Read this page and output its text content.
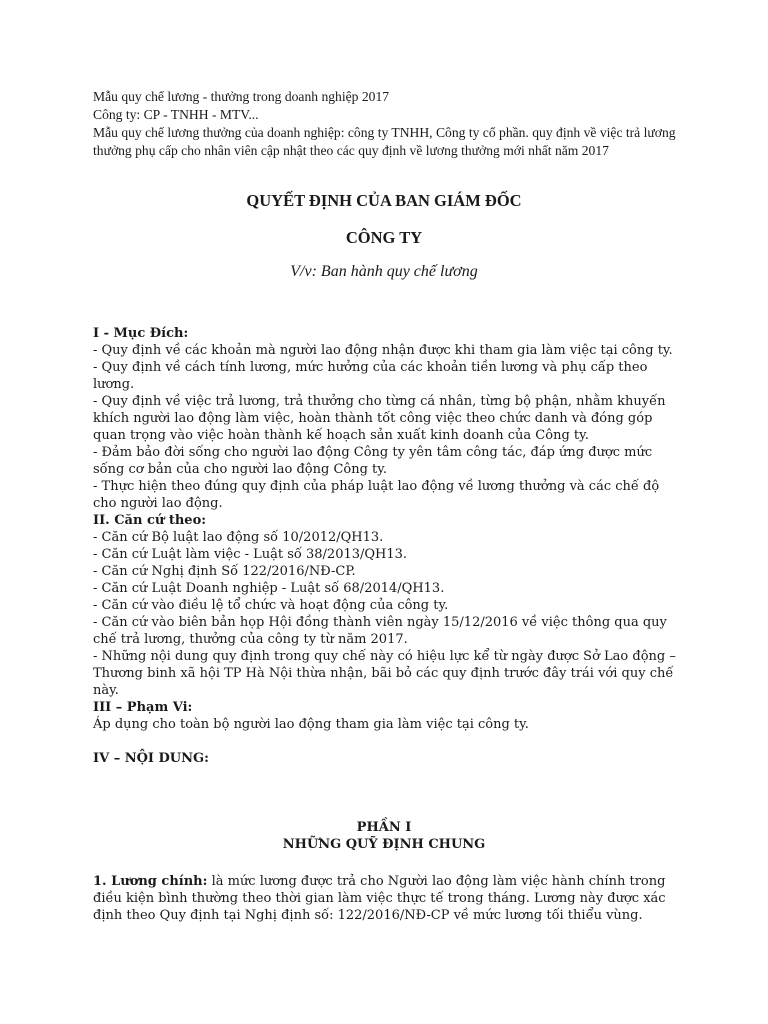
Mẫu quy chế lương - thưởng trong doanh nghiệp 2017

Công ty: CP - TNHH - MTV...

Mẫu quy chế lương thưởng của doanh nghiệp: công ty TNHH, Công ty cổ phần. quy định về việc trả lương thưởng phụ cấp cho nhân viên cập nhật theo các quy định về lương thưởng mới nhất năm 2017

QUYẾT ĐỊNH CỦA BAN GIÁM ĐỐC
CÔNG TY
V/v: Ban hành quy chế lương

I - Mục Đích:

- Quy định về các khoản mà người lao động nhận được khi tham gia làm việc tại công ty.

- Quy định về cách tính lương, mức hưởng của các khoản tiền lương và phụ cấp theo lương.

- Quy định về việc trả lương, trả thưởng cho từng cá nhân, từng bộ phận, nhằm khuyến khích người lao động làm việc, hoàn thành tốt công việc theo chức danh và đóng góp quan trọng vào việc hoàn thành kế hoạch sản xuất kinh doanh của Công ty.

- Đảm bảo đời sống cho người lao động Công ty yên tâm công tác, đáp ứng được mức sống cơ bản của cho người lao động Công ty.

- Thực hiện theo đúng quy định của pháp luật lao động về lương thưởng và các chế độ cho người lao động.

II. Căn cứ theo:

- Căn cứ Bộ luật lao động số 10/2012/QH13.

- Căn cứ Luật làm việc - Luật số 38/2013/QH13.

- Căn cứ Nghị định Số 122/2016/NĐ-CP.

- Căn cứ Luật Doanh nghiệp - Luật số 68/2014/QH13.

- Căn cứ vào điều lệ tổ chức và hoạt động của công ty.

- Căn cứ vào biên bản họp Hội đồng thành viên ngày 15/12/2016 về việc thông qua quy chế trả lương, thưởng của công ty từ năm 2017.

- Những nội dung quy định trong quy chế này có hiệu lực kể từ ngày được Sở Lao động – Thương binh xã hội TP Hà Nội thừa nhận, bãi bỏ các quy định trước đây trái với quy chế này.

III – Phạm Vi:

Áp dụng cho toàn bộ người lao động tham gia làm việc tại công ty.

IV – NỘI DUNG:

PHẦN I

NHỮNG QUỸ ĐỊNH CHUNG

1. Lương chính: là mức lương được trả cho Người lao động làm việc hành chính trong điều kiện bình thường theo thời gian làm việc thực tế trong tháng. Lương này được xác định theo Quy định tại Nghị định số: 122/2016/NĐ-CP về mức lương tối thiểu vùng.
